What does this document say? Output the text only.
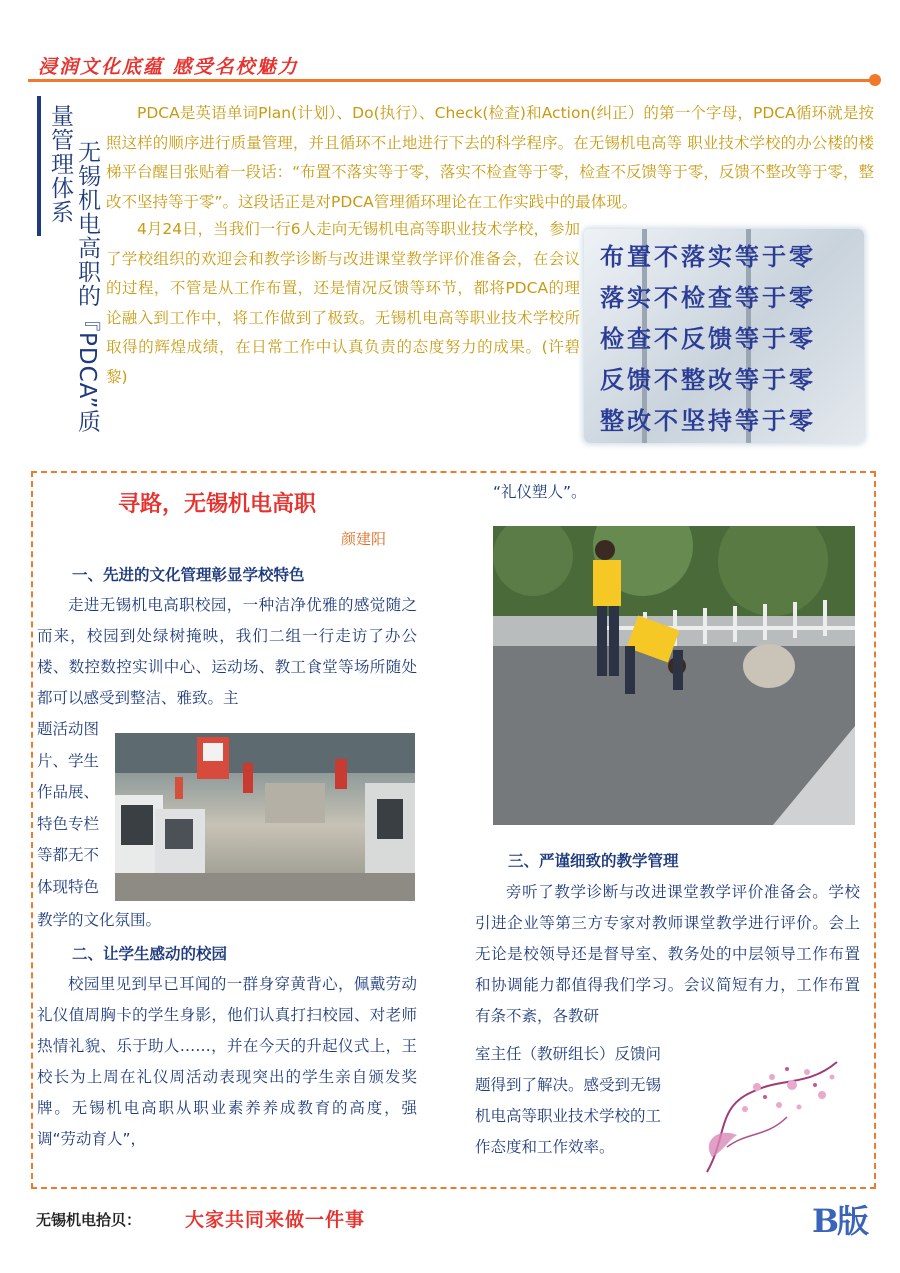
浸润文化底蕴 感受名校魅力
无锡机电高职的『PDCA”质
量管理体系	PDCA是英语单词Plan(计划）、Do(执行）、Check(检查)和Action(纠正）的第一个字母，PDCA循环就是按照这样的顺序进行质量管理，并且循环不止地进行下去的科学程序。在无锡机电高等 职业技术学校的办公楼的楼梯平台醒目张贴着一段话：“布置不落实等于零，落实不检查等于零，检查不反馈等于零，反馈不整改等于零，整改不坚持等于零”。这段话正是对PDCA管理循环理论在工作实践中的最体现。

4月24日，当我们一行6人走向无锡机电高等职业技术学校，参加了学校组织的欢迎会和教学诊断与改进课堂教学评价准备会，在会议的过程，不管是从工作布置，还是情况反馈等环节，都将PDCA的理论融入到工作中，将工作做到了极致。无锡机电高等职业技术学校所取得的辉煌成绩，在日常工作中认真负责的态度努力的成果。(许碧黎)

布置不落实等于零
落实不检查等于零
检查不反馈等于零
反馈不整改等于零
整改不坚持等于零
寻路，无锡机电高职
颜建阳
一、先进的文化管理彰显学校特色
走进无锡机电高职校园，一种洁净优雅的感觉随之而来，校园到处绿树掩映，我们二组一行走访了办公楼、数控数控实训中心、运动场、教工食堂等场所随处都可以感受到整洁、雅致。主
题活动图
片、学生
作品展、
特色专栏
等都无不
体现特色
教学的文化氛围。
二、让学生感动的校园
校园里见到早已耳闻的一群身穿黄背心，佩戴劳动礼仪值周胸卡的学生身影，他们认真打扫校园、对老师热情礼貌、乐于助人……，并在今天的升起仪式上，王校长为上周在礼仪周活动表现突出的学生亲自颁发奖牌。无锡机电高职从职业素养养成教育的高度，强调“劳动育人”，
“礼仪塑人”。
三、严谨细致的教学管理
旁听了教学诊断与改进课堂教学评价准备会。学校引进企业等第三方专家对教师课堂教学进行评价。会上无论是校领导还是督导室、教务处的中层领导工作布置和协调能力都值得我们学习。会议简短有力，工作布置有条不紊，各教研
室主任（教研组长）反馈问
题得到了解决。感受到无锡
机电高等职业技术学校的工
作态度和工作效率。
无锡机电拾贝： 大家共同来做一件事	B版
